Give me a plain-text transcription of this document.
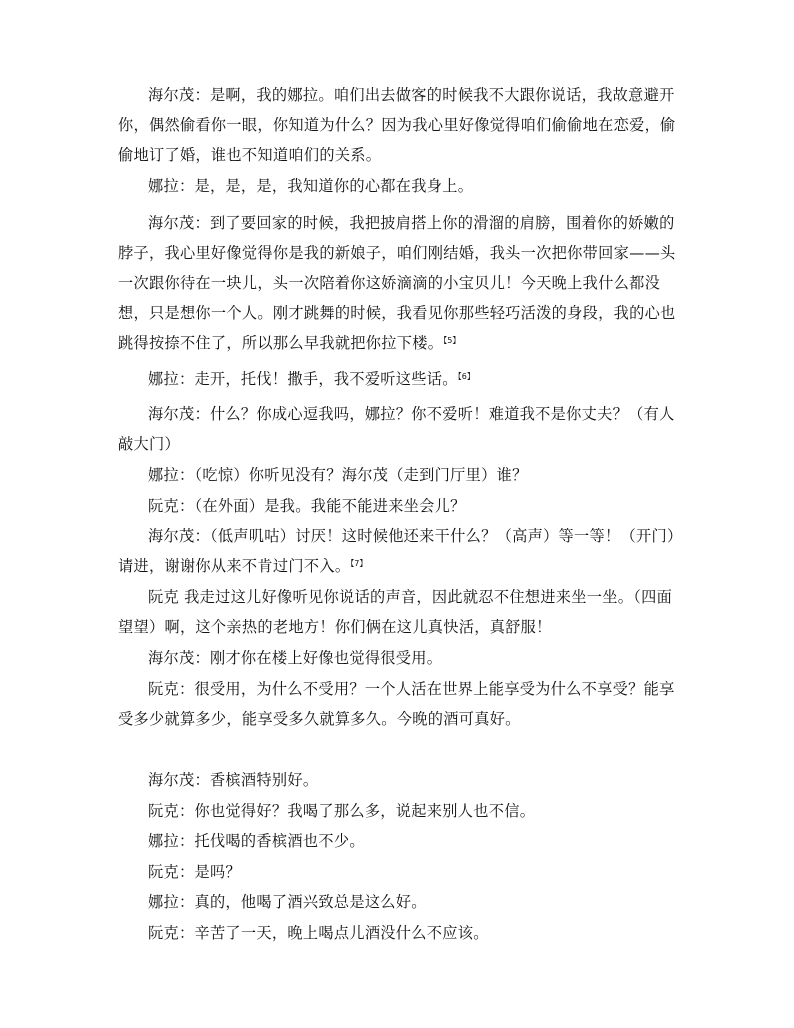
海尔茂：是啊，我的娜拉。咱们出去做客的时候我不大跟你说话，我故意避开你，偶然偷看你一眼，你知道为什么？因为我心里好像觉得咱们偷偷地在恋爱，偷偷地订了婚，谁也不知道咱们的关系。

娜拉：是，是，是，我知道你的心都在我身上。

海尔茂：到了要回家的时候，我把披肩搭上你的滑溜的肩膀，围着你的娇嫩的脖子，我心里好像觉得你是我的新娘子，咱们刚结婚，我头一次把你带回家——头一次跟你待在一块儿，头一次陪着你这娇滴滴的小宝贝儿！今天晚上我什么都没想，只是想你一个人。刚才跳舞的时候，我看见你那些轻巧活泼的身段，我的心也跳得按捺不住了，所以那么早我就把你拉下楼。$^{【5】}$

娜拉：走开，托伐！撒手，我不爱听这些话。$^{【6】}$

海尔茂：什么？你成心逗我吗，娜拉？你不爱听！难道我不是你丈夫？（有人敲大门）

娜拉：（吃惊）你听见没有？海尔茂（走到门厅里）谁？

阮克：（在外面）是我。我能不能进来坐会儿？

海尔茂：（低声叽咕）讨厌！这时候他还来干什么？（高声）等一等！（开门）请进，谢谢你从来不肯过门不入。$^{【7】}$

阮克 我走过这儿好像听见你说话的声音，因此就忍不住想进来坐一坐。（四面望望）啊，这个亲热的老地方！你们俩在这儿真快活，真舒服！

海尔茂：刚才你在楼上好像也觉得很受用。

阮克：很受用，为什么不受用？一个人活在世界上能享受为什么不享受？能享受多少就算多少，能享受多久就算多久。今晚的酒可真好。

海尔茂：香槟酒特别好。

阮克：你也觉得好？我喝了那么多，说起来别人也不信。

娜拉：托伐喝的香槟酒也不少。

阮克：是吗？

娜拉：真的，他喝了酒兴致总是这么好。

阮克：辛苦了一天，晚上喝点儿酒没什么不应该。
